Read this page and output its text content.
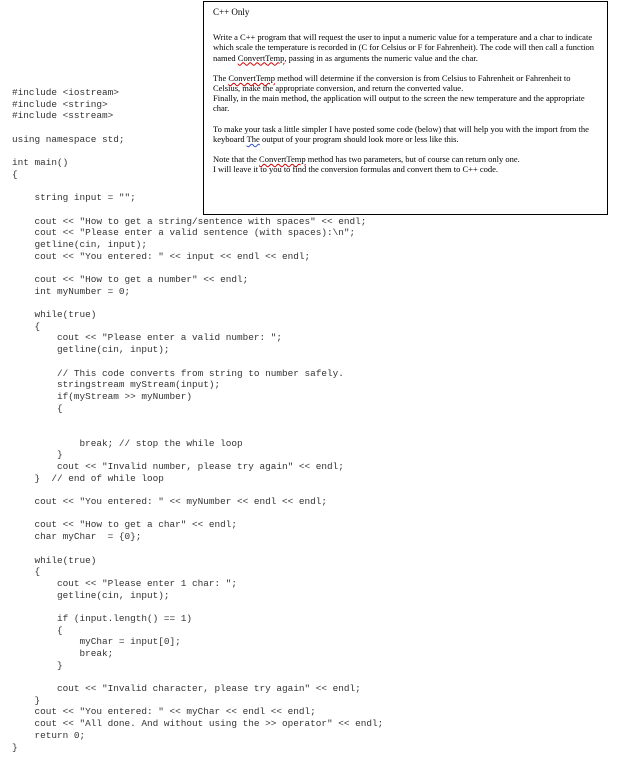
#include <iostream>
#include <string>
#include <sstream>
using namespace std;
int main()
{
string input = "";
cout << "How to get a string/sentence with spaces" << endl;
cout << "Please enter a valid sentence (with spaces):\n";
getline(cin, input);
cout << "You entered: " << input << endl << endl;
cout << "How to get a number" << endl;
int myNumber = 0;
while(true)
{
cout << "Please enter a valid number: ";
getline(cin, input);
// This code converts from string to number safely.
stringstream myStream(input);
if(myStream >> myNumber)
{
break; // stop the while loop
}
cout << "Invalid number, please try again" << endl;
}  // end of while loop
cout << "You entered: " << myNumber << endl << endl;
cout << "How to get a char" << endl;
char myChar  = {0};
while(true)
{
cout << "Please enter 1 char: ";
getline(cin, input);
if (input.length() == 1)
{
myChar = input[0];
break;
}
cout << "Invalid character, please try again" << endl;
}
cout << "You entered: " << myChar << endl << endl;
cout << "All done. And without using the >> operator" << endl;
return 0;
}
C++ Only

Write a C++ program that will request the user to input a numeric value for a temperature and a char to indicate which scale the temperature is recorded in (C for Celsius or F for Fahrenheit). The code will then call a function named ConvertTemp, passing in as arguments the numeric value and the char.

The ConvertTemp method will determine if the conversion is from Celsius to Fahrenheit or Fahrenheit to Celsius, make the appropriate conversion, and return the converted value.

Finally, in the main method, the application will output to the screen the new temperature and the appropriate char.

To make your task a little simpler I have posted some code (below) that will help you with the import from the keyboard The output of your program should look more or less like this.

Note that the ConvertTemp method has two parameters, but of course can return only one.

I will leave it to you to find the conversion formulas and convert them to C++ code.
